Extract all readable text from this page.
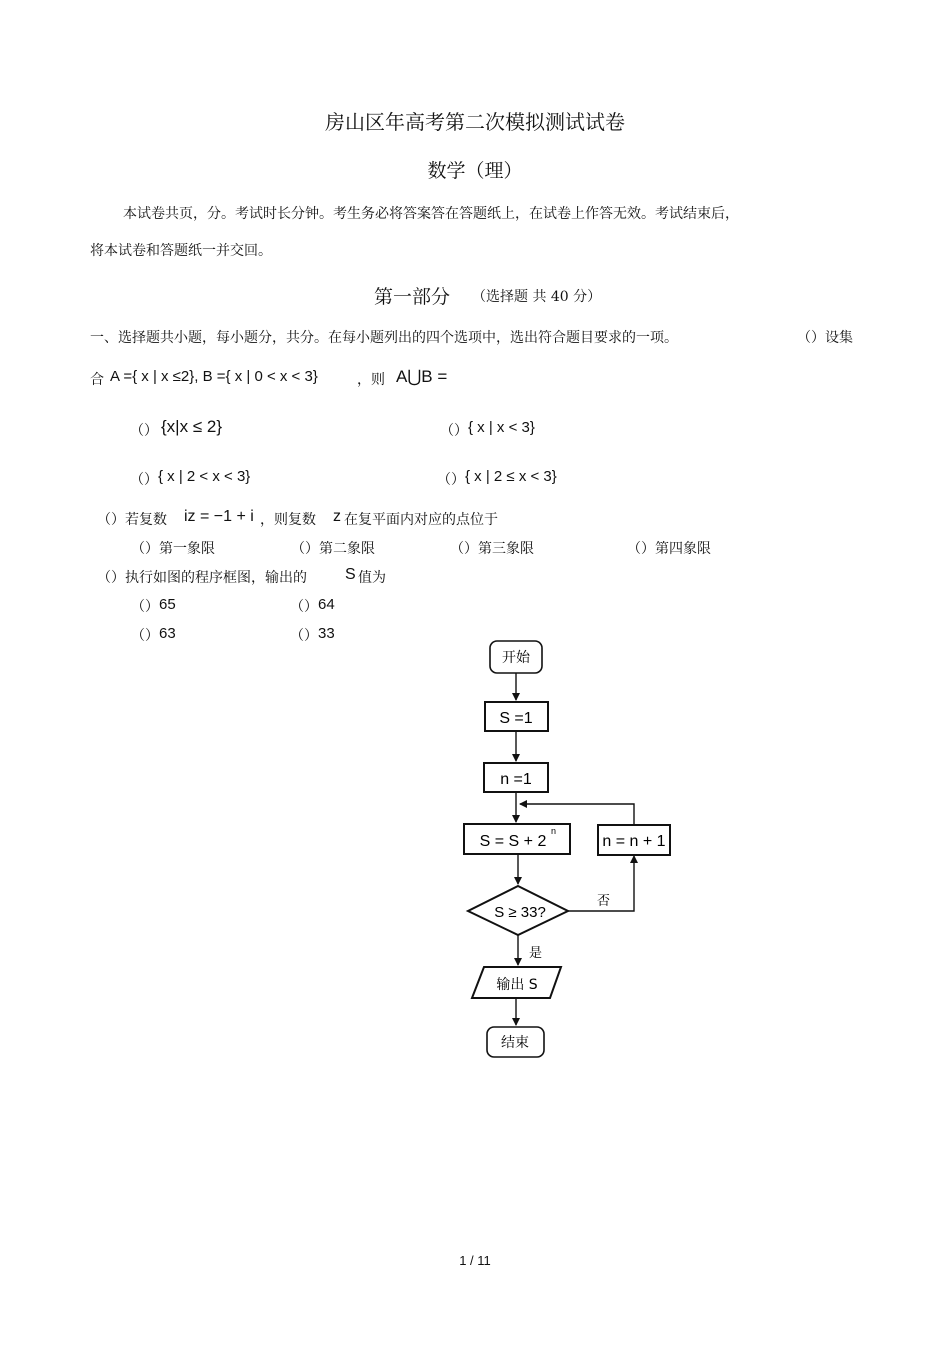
房山区年高考第二次模拟测试试卷
数学（理）
本试卷共页，分。考试时长分钟。考生务必将答案答在答题纸上，在试卷上作答无效。考试结束后，
将本试卷和答题纸一并交回。
第一部分 （选择题 共 40 分）
一、选择题共小题，每小题分，共分。在每小题列出的四个选项中，选出符合题目要求的一项。	（）设集
合 A ={ x | x ≤2}, B ={ x | 0 < x < 3}	，则 A⋃B =
（） {x|x ≤ 2}	（） { x | x < 3}
（） { x | 2 < x < 3}	（） { x | 2 ≤ x < 3}
（）若复数 iz = −1 + i ，则复数 z 在复平面内对应的点位于
（）第一象限	（）第二象限	（）第三象限	（）第四象限
（）执行如图的程序框图，输出的 S 值为
（） 65	（） 64
（） 63	（） 33
开始
S =1
n =1
S = S + 2
n
S ≥ 33?
否
n = n + 1
是
输出 S
结束
1 / 11
